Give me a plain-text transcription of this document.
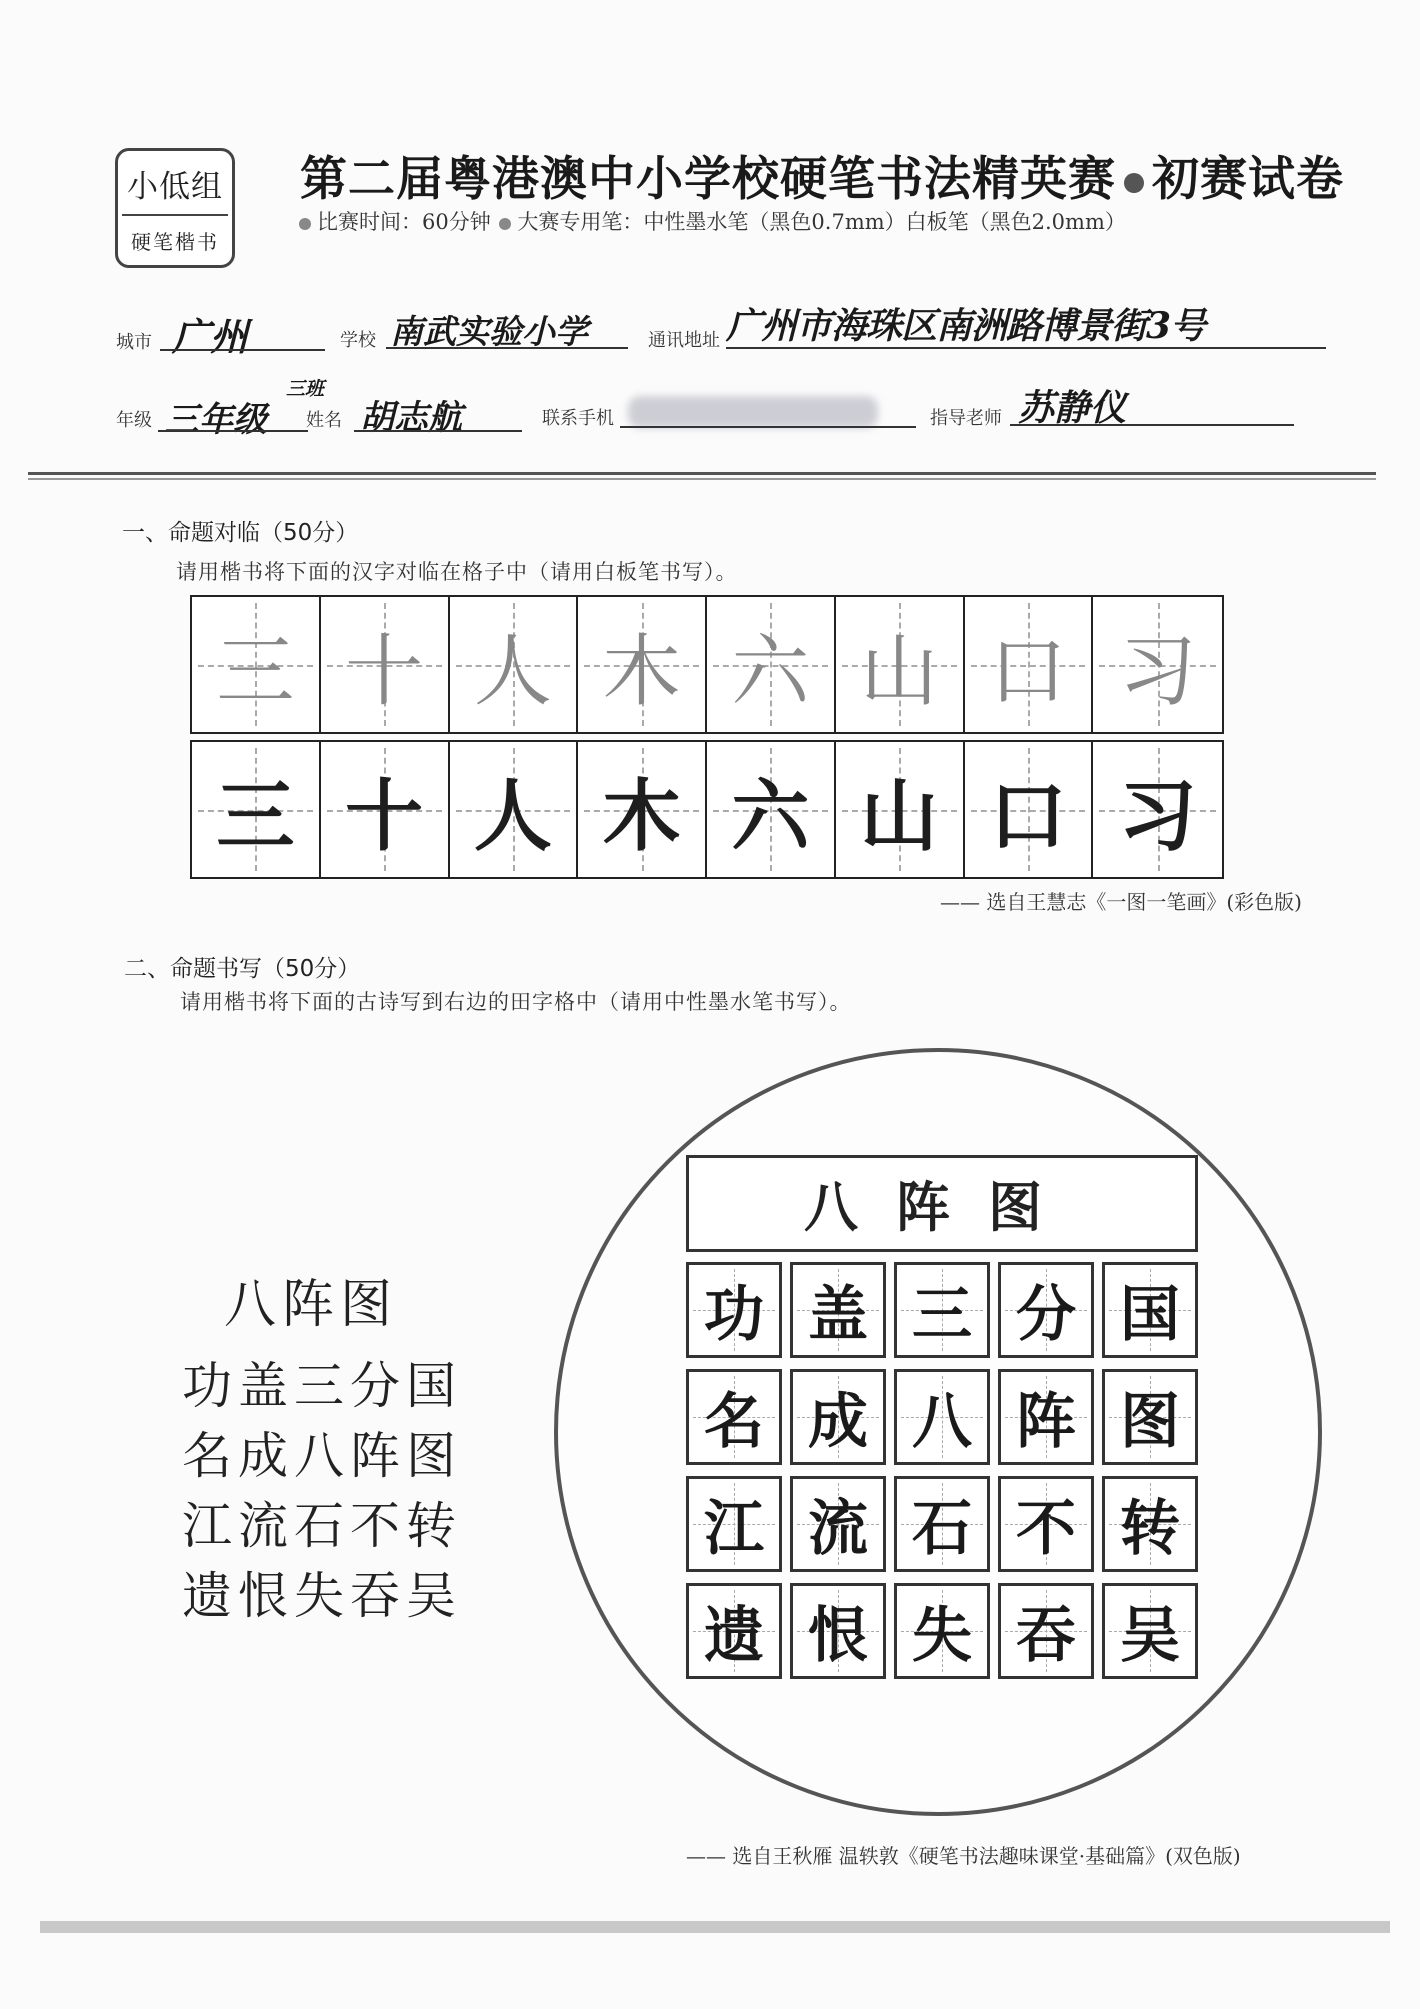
小低组
硬笔楷书
第二届粤港澳中小学校硬笔书法精英赛 初赛试卷
比赛时间：60分钟 大赛专用笔：中性墨水笔（黑色0.7mm）白板笔（黑色2.0mm）
城市 广州	学校 南武实验小学	通讯地址 广州市海珠区南洲路博景街3号
年级 三年级
三班
姓名 胡志航	联系手机	指导老师 苏静仪
一、命题对临（50分）
请用楷书将下面的汉字对临在格子中（请用白板笔书写）。
三 十 人 木 六 山 口 习
三 十 人 木 六 山 口 习
—— 选自王慧志《一图一笔画》(彩色版)
二、命题书写（50分）
请用楷书将下面的古诗写到右边的田字格中（请用中性墨水笔书写）。
八阵图
功盖三分国
名成八阵图
江流石不转
遗恨失吞吴
八阵图
功 盖 三 分 国
名 成 八 阵 图
江 流 石 不 转
遗 恨 失 吞 吴
—— 选自王秋雁 温轶敦《硬笔书法趣味课堂·基础篇》(双色版)
